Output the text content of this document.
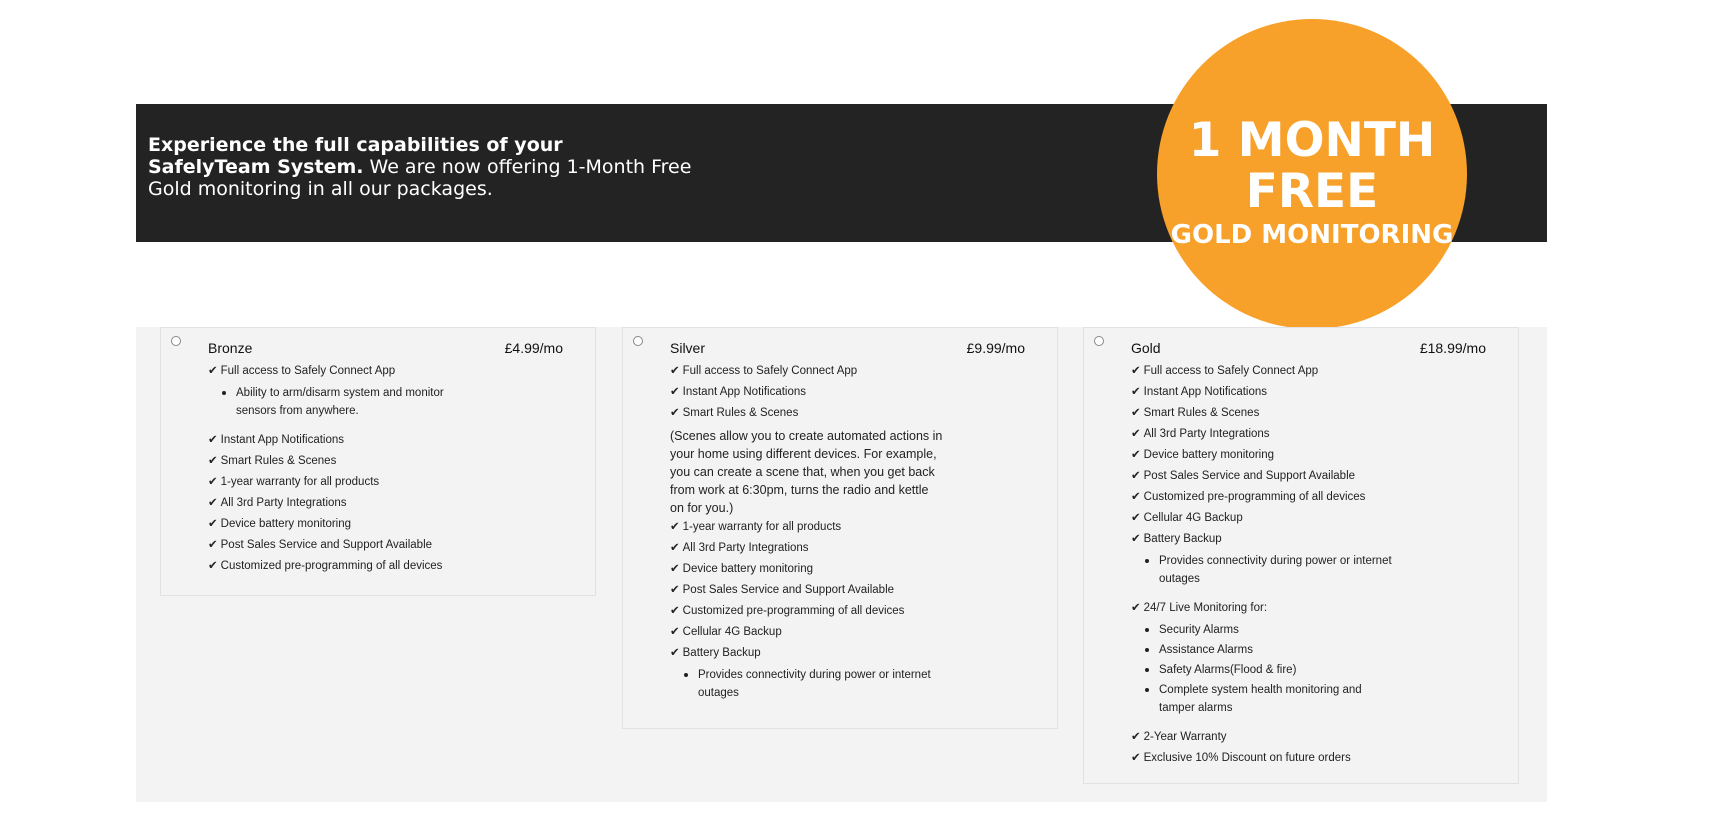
Experience the full capabilities of your
SafelyTeam System. We are now offering 1-Month Free Gold monitoring in all our packages.
1 MONTH
FREE
GOLD MONITORING
Bronze	£4.99/mo
✔ Full access to Safely Connect App
Ability to arm/disarm system and monitor sensors from anywhere.
✔ Instant App Notifications
✔ Smart Rules & Scenes
✔ 1-year warranty for all products
✔ All 3rd Party Integrations
✔ Device battery monitoring
✔ Post Sales Service and Support Available
✔ Customized pre-programming of all devices
Silver	£9.99/mo
✔ Full access to Safely Connect App
✔ Instant App Notifications
✔ Smart Rules & Scenes
(Scenes allow you to create automated actions in your home using different devices. For example, you can create a scene that, when you get back from work at 6:30pm, turns the radio and kettle on for you.)
✔ 1-year warranty for all products
✔ All 3rd Party Integrations
✔ Device battery monitoring
✔ Post Sales Service and Support Available
✔ Customized pre-programming of all devices
✔ Cellular 4G Backup
✔ Battery Backup
Provides connectivity during power or internet outages
Gold	£18.99/mo
✔ Full access to Safely Connect App
✔ Instant App Notifications
✔ Smart Rules & Scenes
✔ All 3rd Party Integrations
✔ Device battery monitoring
✔ Post Sales Service and Support Available
✔ Customized pre-programming of all devices
✔ Cellular 4G Backup
✔ Battery Backup
Provides connectivity during power or internet outages
✔ 24/7 Live Monitoring for:
Security Alarms
Assistance Alarms
Safety Alarms(Flood & fire)
Complete system health monitoring and tamper alarms
✔ 2-Year Warranty
✔ Exclusive 10% Discount on future orders
